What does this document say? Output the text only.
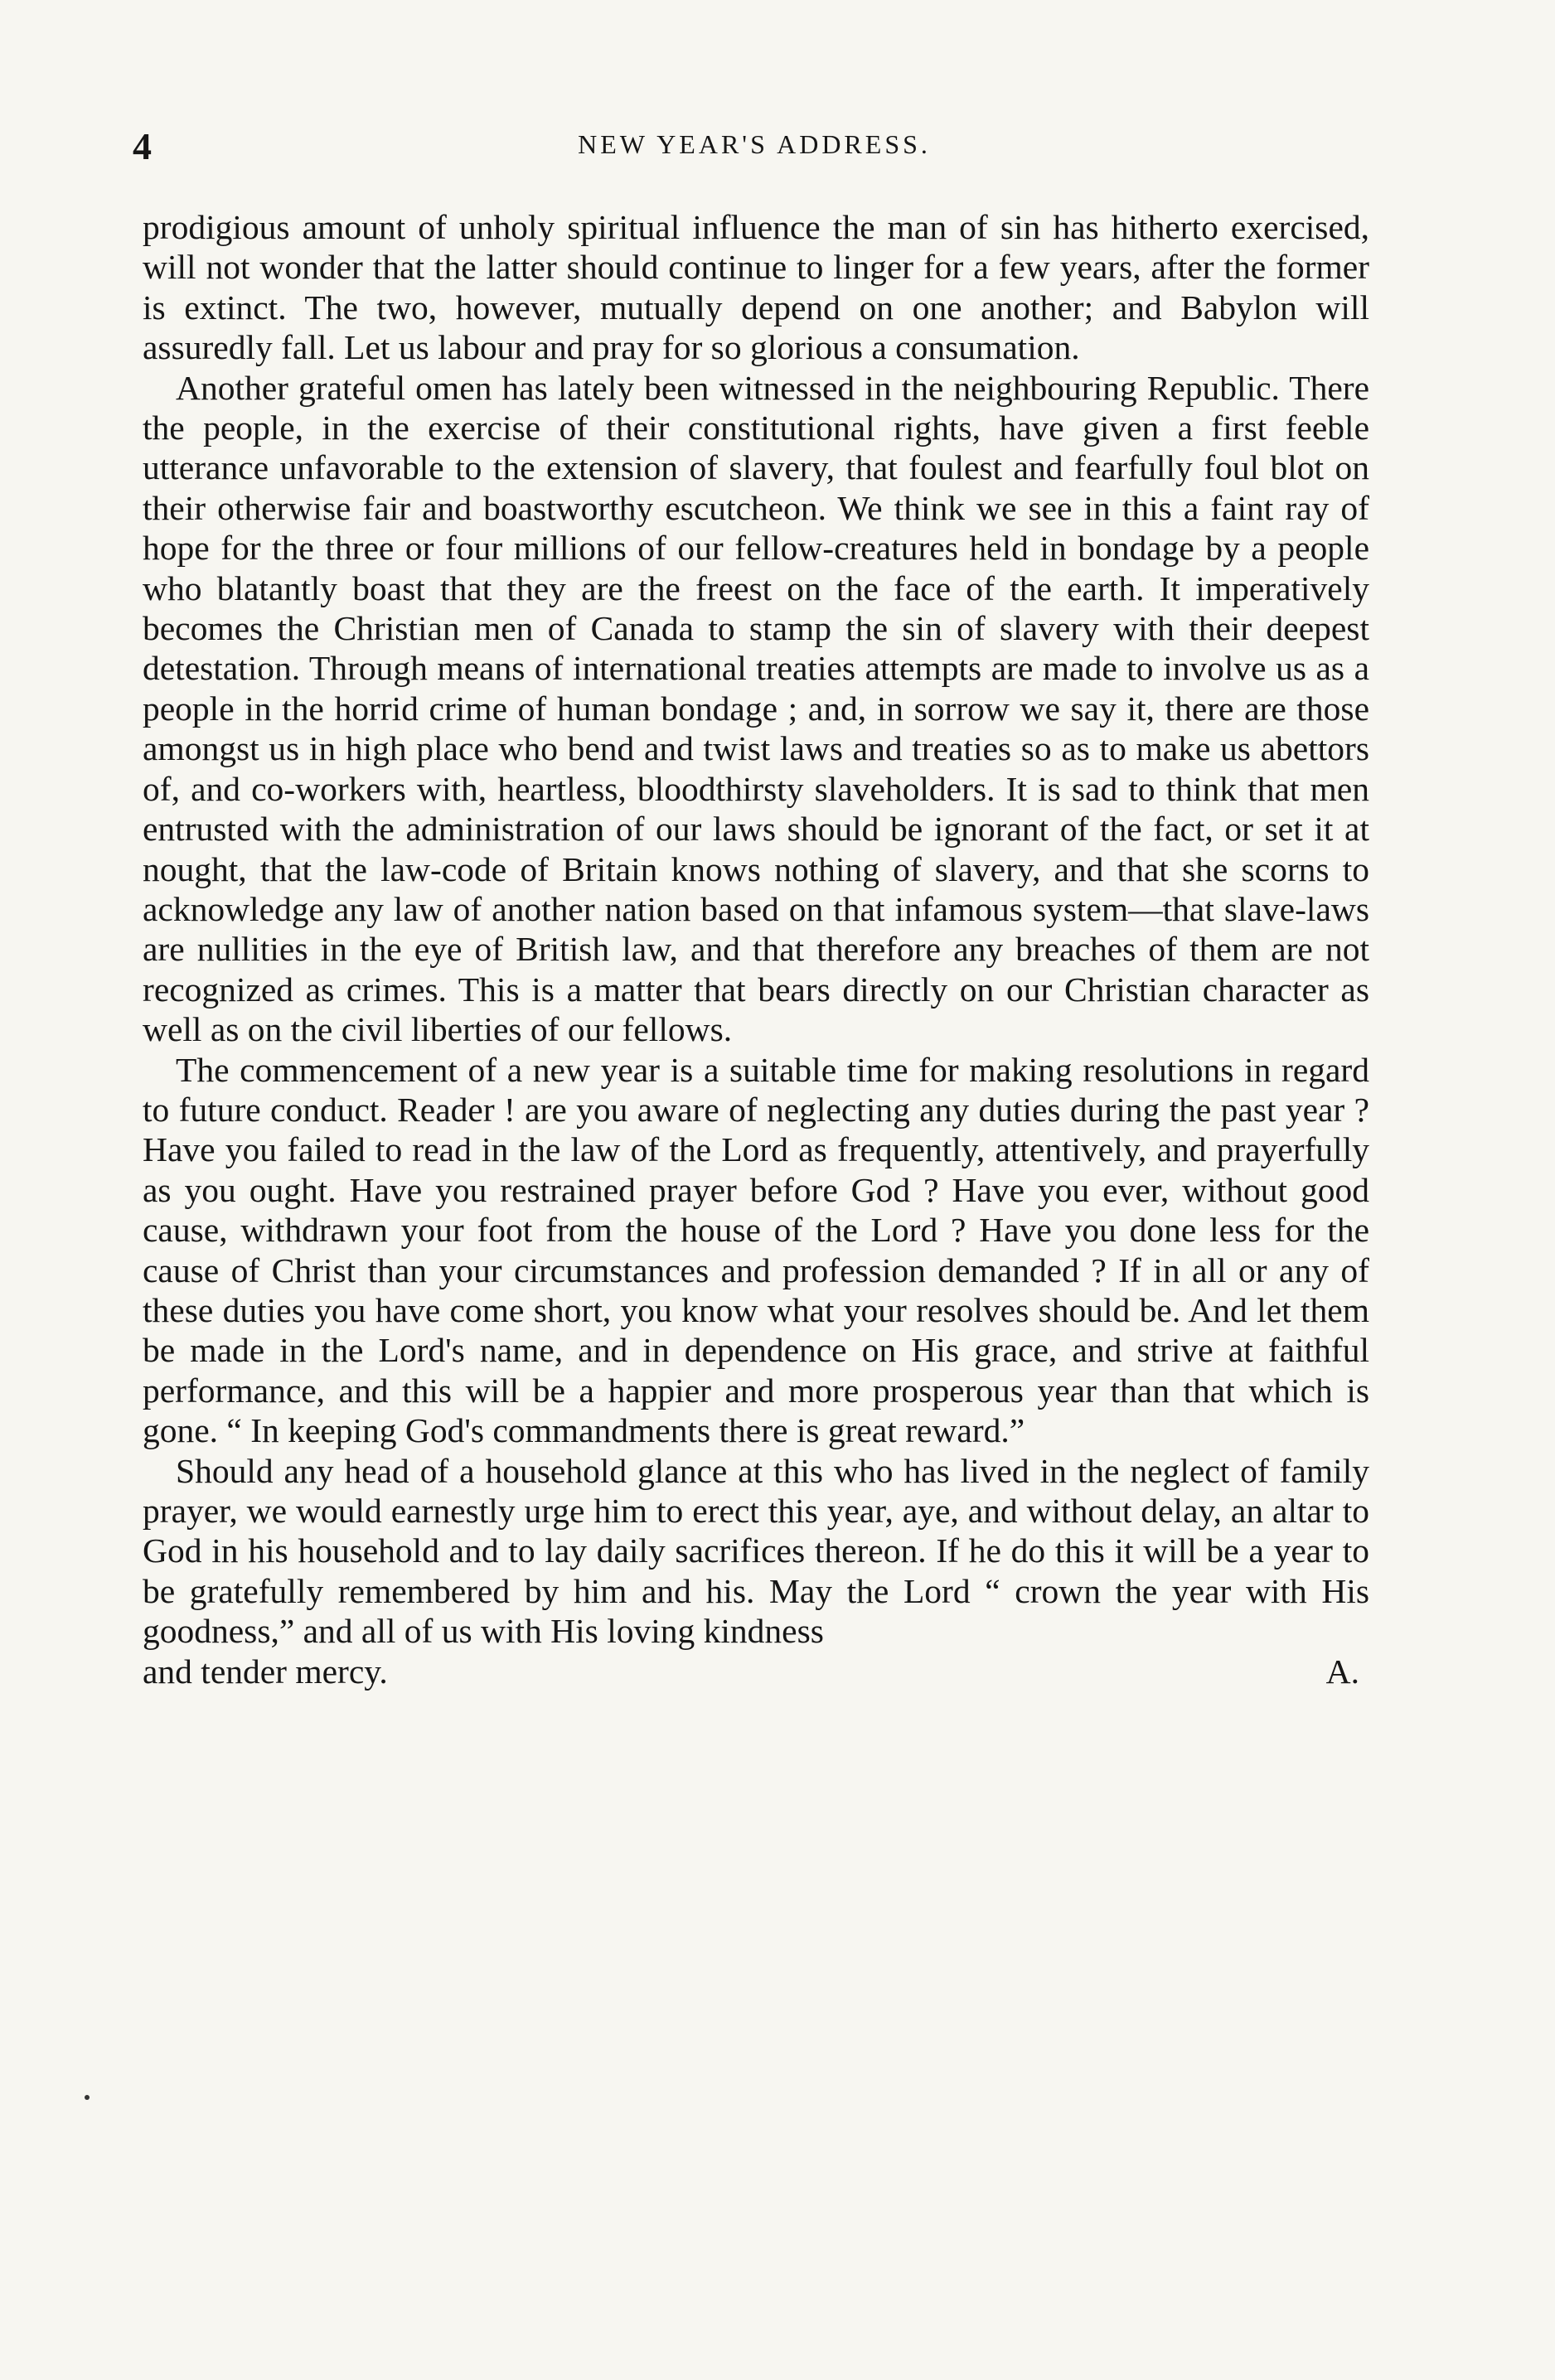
4	NEW YEAR'S ADDRESS.

prodigious amount of unholy spiritual influence the man of sin has hitherto exercised, will not wonder that the latter should continue to linger for a few years, after the former is extinct. The two, however, mutually depend on one another; and Babylon will assuredly fall. Let us labour and pray for so glorious a consumation.

Another grateful omen has lately been witnessed in the neighbouring Republic. There the people, in the exercise of their constitutional rights, have given a first feeble utterance unfavorable to the extension of slavery, that foulest and fearfully foul blot on their otherwise fair and boastworthy escutcheon. We think we see in this a faint ray of hope for the three or four millions of our fellow-creatures held in bondage by a people who blatantly boast that they are the freest on the face of the earth. It imperatively becomes the Christian men of Canada to stamp the sin of slavery with their deepest detestation. Through means of international treaties attempts are made to involve us as a people in the horrid crime of human bondage ; and, in sorrow we say it, there are those amongst us in high place who bend and twist laws and treaties so as to make us abettors of, and co-workers with, heartless, bloodthirsty slaveholders. It is sad to think that men entrusted with the administration of our laws should be ignorant of the fact, or set it at nought, that the law-code of Britain knows nothing of slavery, and that she scorns to acknowledge any law of another nation based on that infamous system—that slave-laws are nullities in the eye of British law, and that therefore any breaches of them are not recognized as crimes. This is a matter that bears directly on our Christian character as well as on the civil liberties of our fellows.

The commencement of a new year is a suitable time for making resolutions in regard to future conduct. Reader ! are you aware of neglecting any duties during the past year ? Have you failed to read in the law of the Lord as frequently, attentively, and prayerfully as you ought. Have you restrained prayer before God ? Have you ever, without good cause, withdrawn your foot from the house of the Lord ? Have you done less for the cause of Christ than your circumstances and profession demanded ? If in all or any of these duties you have come short, you know what your resolves should be. And let them be made in the Lord's name, and in dependence on His grace, and strive at faithful performance, and this will be a happier and more prosperous year than that which is gone. “ In keeping God's commandments there is great reward.”

Should any head of a household glance at this who has lived in the neglect of family prayer, we would earnestly urge him to erect this year, aye, and without delay, an altar to God in his household and to lay daily sacrifices thereon. If he do this it will be a year to be gratefully remembered by him and his. May the Lord “ crown the year with His goodness,” and all of us with His loving kindness

and tender mercy.	A.
